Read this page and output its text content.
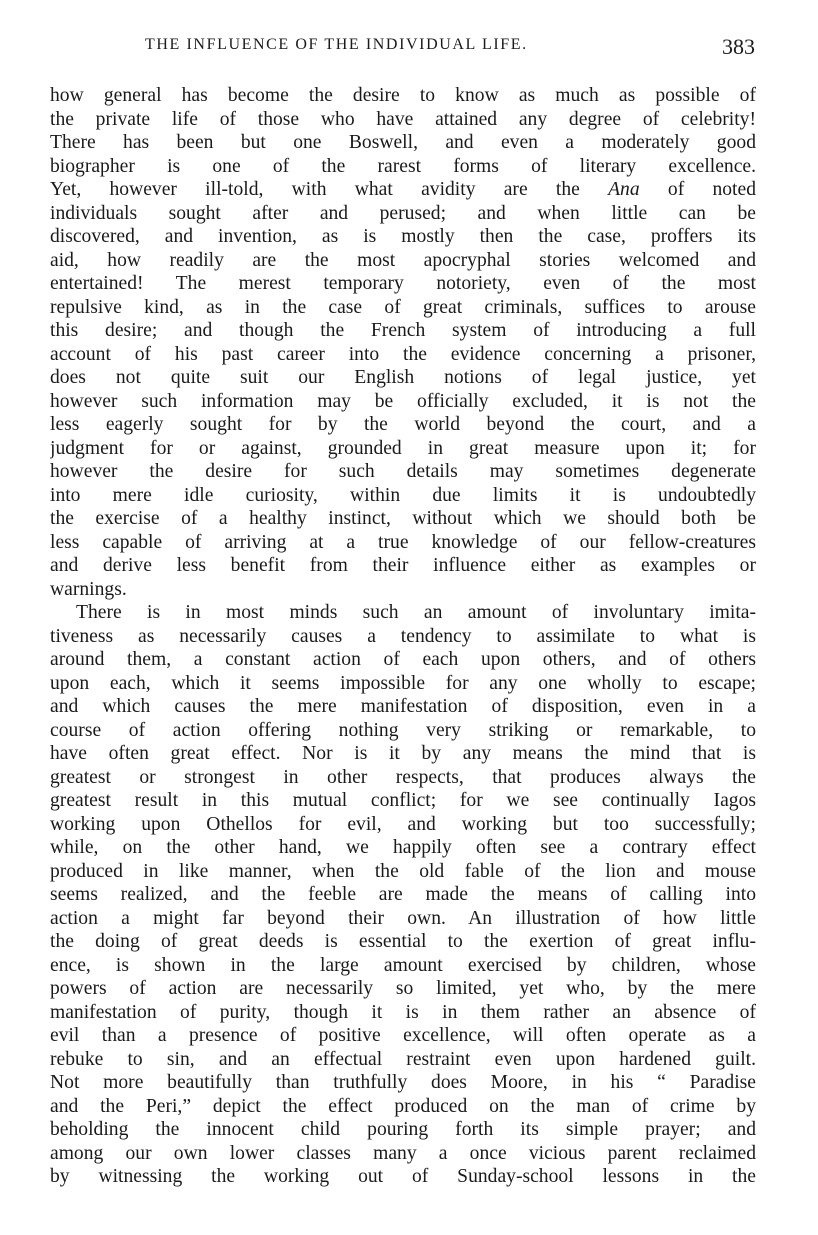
THE INFLUENCE OF THE INDIVIDUAL LIFE.	383
how general has become the desire to know as much as possible of
the private life of those who have attained any degree of celebrity!
There has been but one Boswell, and even a moderately good
biographer is one of the rarest forms of literary excellence.
Yet, however ill-told, with what avidity are the Ana of noted
individuals sought after and perused; and when little can be
discovered, and invention, as is mostly then the case, proffers its
aid, how readily are the most apocryphal stories welcomed and
entertained! The merest temporary notoriety, even of the most
repulsive kind, as in the case of great criminals, suffices to arouse
this desire; and though the French system of introducing a full
account of his past career into the evidence concerning a prisoner,
does not quite suit our English notions of legal justice, yet
however such information may be officially excluded, it is not the
less eagerly sought for by the world beyond the court, and a
judgment for or against, grounded in great measure upon it; for
however the desire for such details may sometimes degenerate
into mere idle curiosity, within due limits it is undoubtedly
the exercise of a healthy instinct, without which we should both be
less capable of arriving at a true knowledge of our fellow-creatures
and derive less benefit from their influence either as examples or
warnings.
There is in most minds such an amount of involuntary imita-
tiveness as necessarily causes a tendency to assimilate to what is
around them, a constant action of each upon others, and of others
upon each, which it seems impossible for any one wholly to escape;
and which causes the mere manifestation of disposition, even in a
course of action offering nothing very striking or remarkable, to
have often great effect. Nor is it by any means the mind that is
greatest or strongest in other respects, that produces always the
greatest result in this mutual conflict; for we see continually Iagos
working upon Othellos for evil, and working but too successfully;
while, on the other hand, we happily often see a contrary effect
produced in like manner, when the old fable of the lion and mouse
seems realized, and the feeble are made the means of calling into
action a might far beyond their own. An illustration of how little
the doing of great deeds is essential to the exertion of great influ-
ence, is shown in the large amount exercised by children, whose
powers of action are necessarily so limited, yet who, by the mere
manifestation of purity, though it is in them rather an absence of
evil than a presence of positive excellence, will often operate as a
rebuke to sin, and an effectual restraint even upon hardened guilt.
Not more beautifully than truthfully does Moore, in his “ Paradise
and the Peri,” depict the effect produced on the man of crime by
beholding the innocent child pouring forth its simple prayer; and
among our own lower classes many a once vicious parent reclaimed
by witnessing the working out of Sunday-school lessons in the
